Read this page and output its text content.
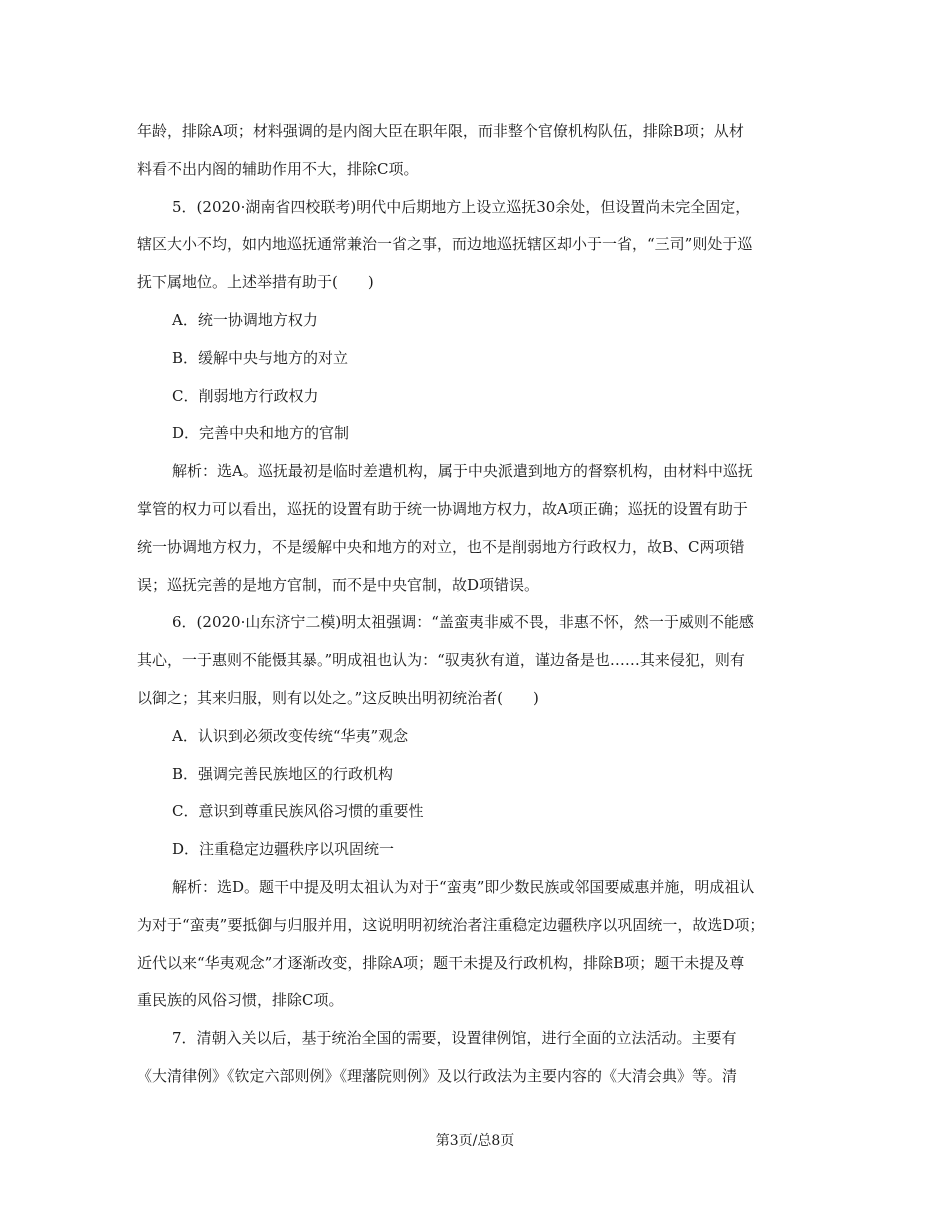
年龄，排除A项；材料强调的是内阁大臣在职年限，而非整个官僚机构队伍，排除B项；从材
料看不出内阁的辅助作用不大，排除C项。
5．(2020·湖南省四校联考)明代中后期地方上设立巡抚30余处，但设置尚未完全固定，
辖区大小不均，如内地巡抚通常兼治一省之事，而边地巡抚辖区却小于一省，“三司”则处于巡
抚下属地位。上述举措有助于(　　)
A．统一协调地方权力
B．缓解中央与地方的对立
C．削弱地方行政权力
D．完善中央和地方的官制
解析：选A。巡抚最初是临时差遣机构，属于中央派遣到地方的督察机构，由材料中巡抚
掌管的权力可以看出，巡抚的设置有助于统一协调地方权力，故A项正确；巡抚的设置有助于
统一协调地方权力，不是缓解中央和地方的对立，也不是削弱地方行政权力，故B、C两项错
误；巡抚完善的是地方官制，而不是中央官制，故D项错误。
6．(2020·山东济宁二模)明太祖强调：“盖蛮夷非威不畏，非惠不怀，然一于威则不能感
其心，一于惠则不能慑其暴。”明成祖也认为：“驭夷狄有道，谨边备是也……其来侵犯，则有
以御之；其来归服，则有以处之。”这反映出明初统治者(　　)
A．认识到必须改变传统“华夷”观念
B．强调完善民族地区的行政机构
C．意识到尊重民族风俗习惯的重要性
D．注重稳定边疆秩序以巩固统一
解析：选D。题干中提及明太祖认为对于“蛮夷”即少数民族或邻国要威惠并施，明成祖认
为对于“蛮夷”要抵御与归服并用，这说明明初统治者注重稳定边疆秩序以巩固统一，故选D项；
近代以来“华夷观念”才逐渐改变，排除A项；题干未提及行政机构，排除B项；题干未提及尊
重民族的风俗习惯，排除C项。
7．清朝入关以后，基于统治全国的需要，设置律例馆，进行全面的立法活动。主要有
《大清律例》《钦定六部则例》《理藩院则例》及以行政法为主要内容的《大清会典》等。清
第3页/总8页
